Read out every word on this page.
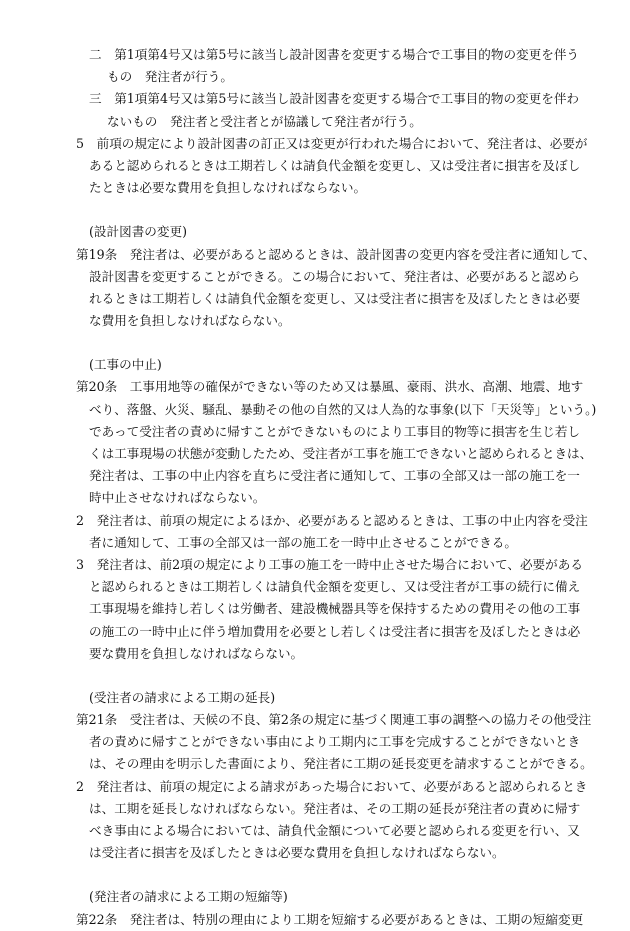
二　第1項第4号又は第5号に該当し設計図書を変更する場合で工事目的物の変更を伴う
もの　発注者が行う。
三　第1項第4号又は第5号に該当し設計図書を変更する場合で工事目的物の変更を伴わ
ないもの　発注者と受注者とが協議して発注者が行う。
5　前項の規定により設計図書の訂正又は変更が行われた場合において、発注者は、必要が
あると認められるときは工期若しくは請負代金額を変更し、又は受注者に損害を及ぼし
たときは必要な費用を負担しなければならない。
(設計図書の変更)
第19条　発注者は、必要があると認めるときは、設計図書の変更内容を受注者に通知して、
設計図書を変更することができる。この場合において、発注者は、必要があると認めら
れるときは工期若しくは請負代金額を変更し、又は受注者に損害を及ぼしたときは必要
な費用を負担しなければならない。
(工事の中止)
第20条　工事用地等の確保ができない等のため又は暴風、豪雨、洪水、高潮、地震、地す
べり、落盤、火災、騒乱、暴動その他の自然的又は人為的な事象(以下「天災等」という。)
であって受注者の責めに帰すことができないものにより工事目的物等に損害を生じ若し
くは工事現場の状態が変動したため、受注者が工事を施工できないと認められるときは、
発注者は、工事の中止内容を直ちに受注者に通知して、工事の全部又は一部の施工を一
時中止させなければならない。
2　発注者は、前項の規定によるほか、必要があると認めるときは、工事の中止内容を受注
者に通知して、工事の全部又は一部の施工を一時中止させることができる。
3　発注者は、前2項の規定により工事の施工を一時中止させた場合において、必要がある
と認められるときは工期若しくは請負代金額を変更し、又は受注者が工事の続行に備え
工事現場を維持し若しくは労働者、建設機械器具等を保持するための費用その他の工事
の施工の一時中止に伴う増加費用を必要とし若しくは受注者に損害を及ぼしたときは必
要な費用を負担しなければならない。
(受注者の請求による工期の延長)
第21条　受注者は、天候の不良、第2条の規定に基づく関連工事の調整への協力その他受注
者の責めに帰すことができない事由により工期内に工事を完成することができないとき
は、その理由を明示した書面により、発注者に工期の延長変更を請求することができる。
2　発注者は、前項の規定による請求があった場合において、必要があると認められるとき
は、工期を延長しなければならない。発注者は、その工期の延長が発注者の責めに帰す
べき事由による場合においては、請負代金額について必要と認められる変更を行い、又
は受注者に損害を及ぼしたときは必要な費用を負担しなければならない。
(発注者の請求による工期の短縮等)
第22条　発注者は、特別の理由により工期を短縮する必要があるときは、工期の短縮変更
